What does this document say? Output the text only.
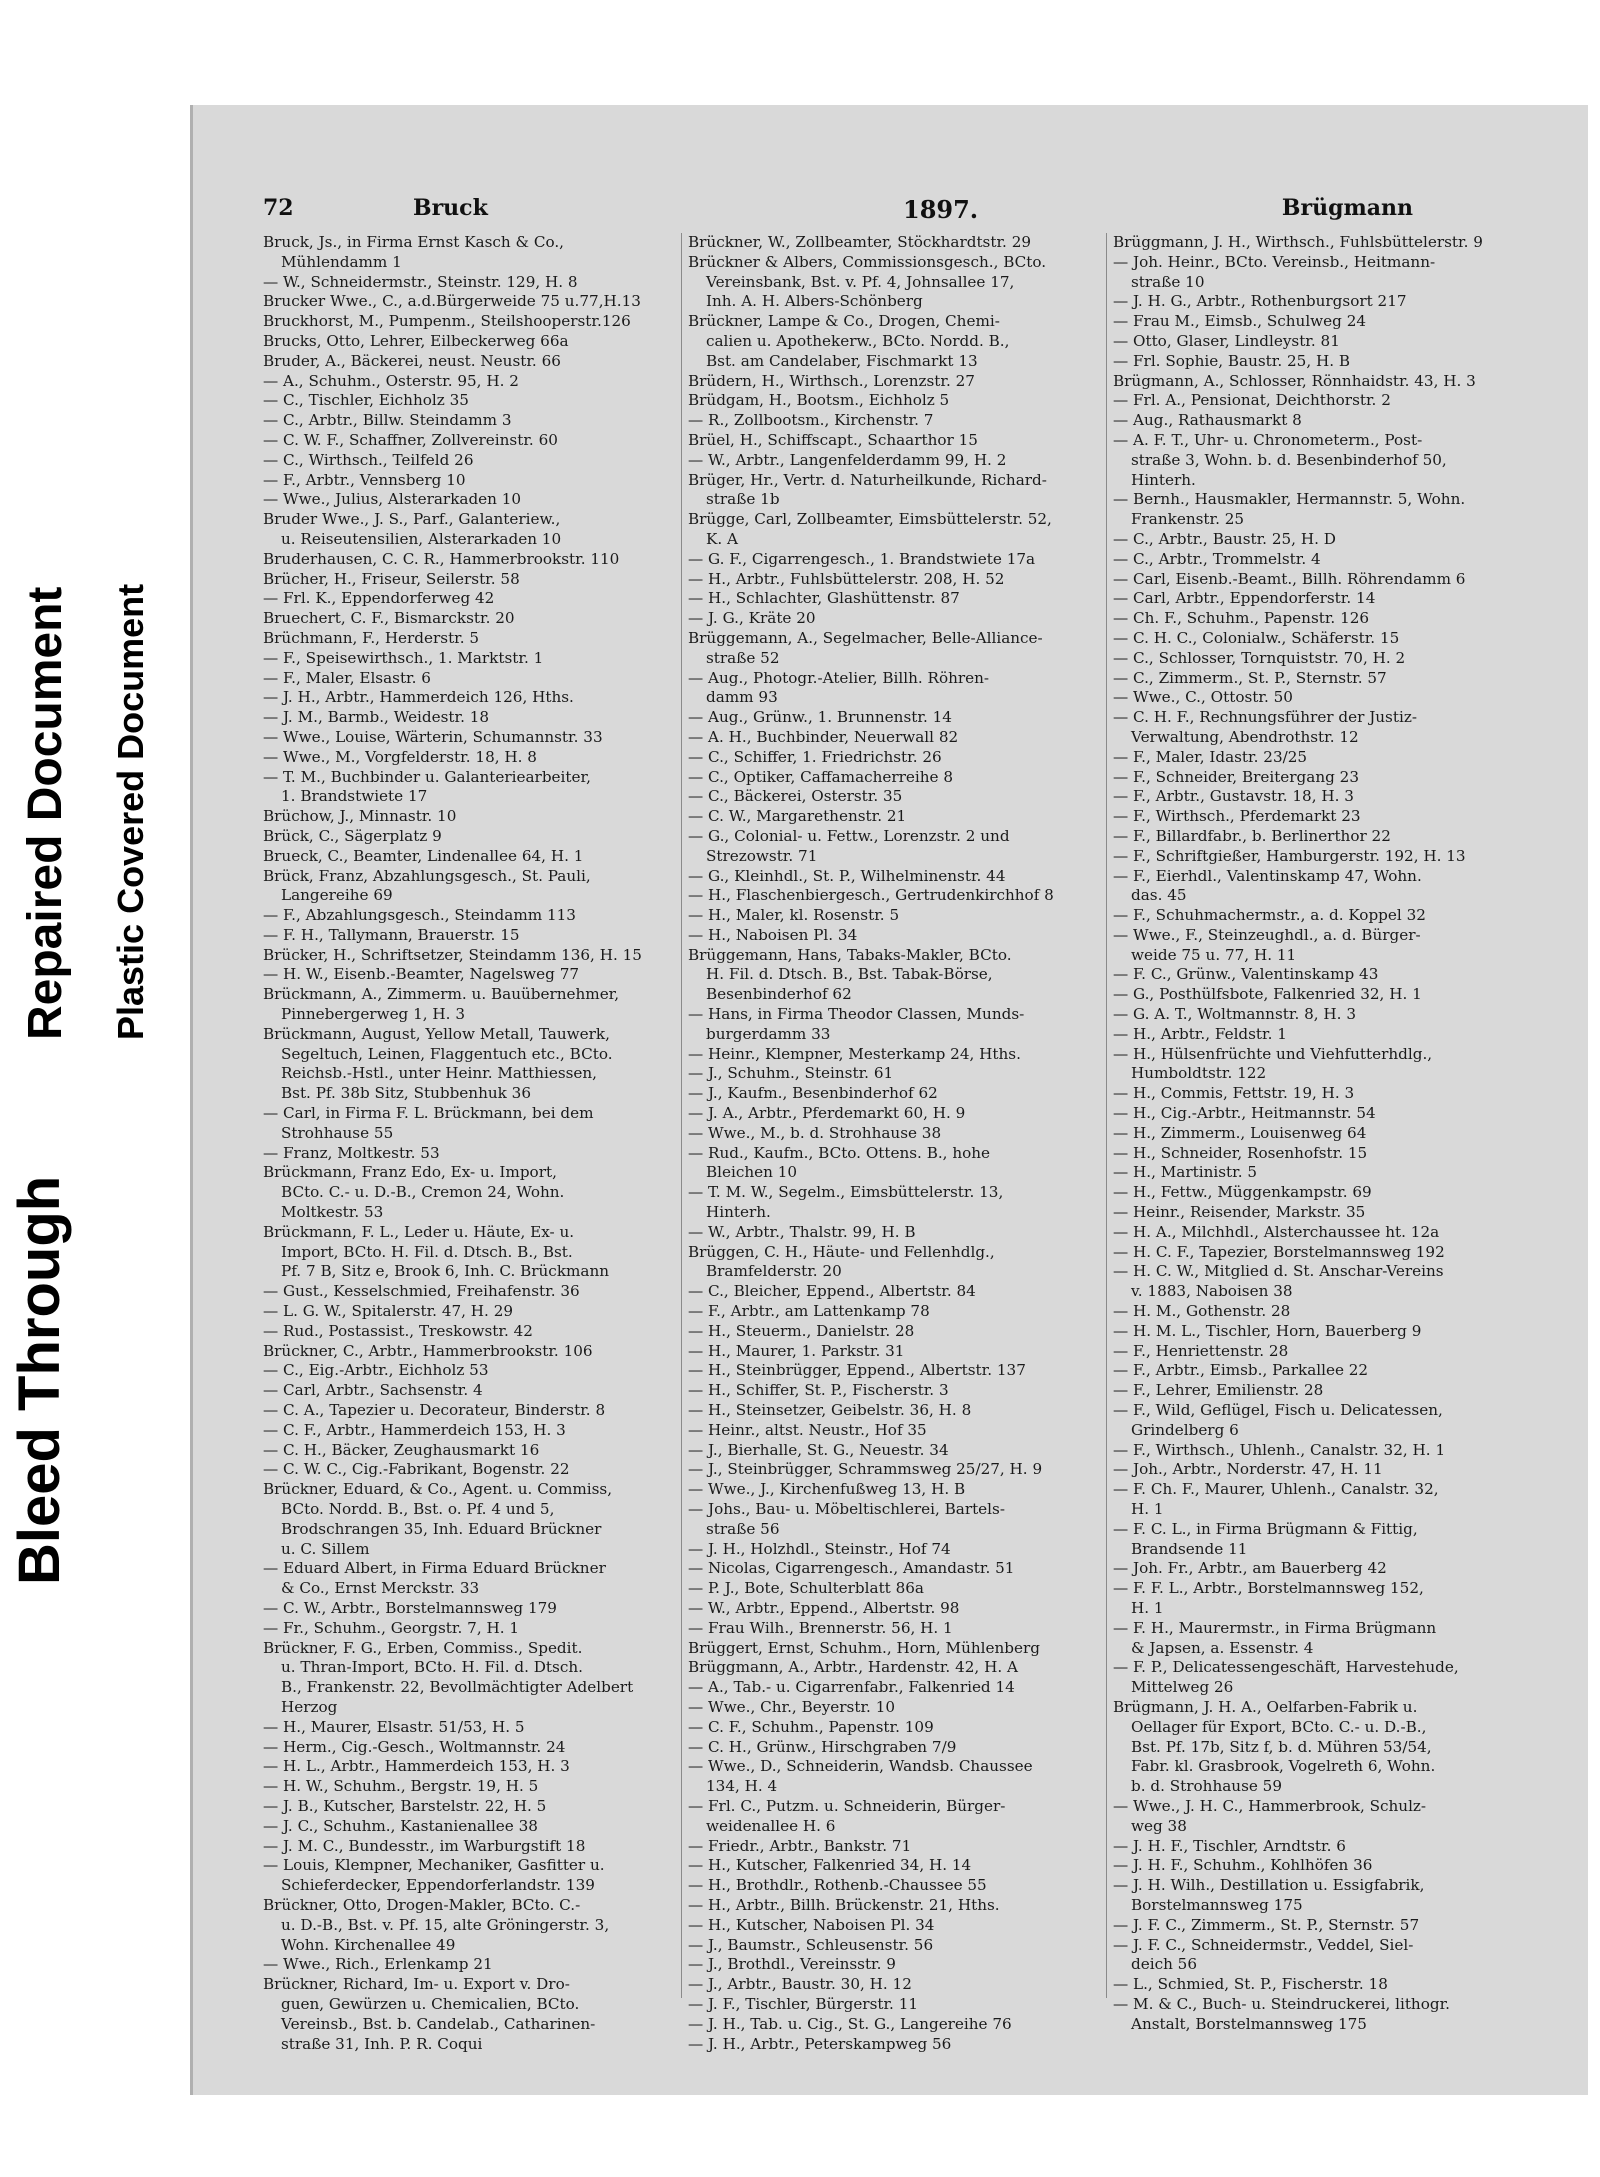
Bleed Through
Repaired Document Plastic Covered Document
72	Bruck	1897.	Brügmann
Bruck, Js., in Firma Ernst Kasch & Co.,
Mühlendamm 1
— W., Schneidermstr., Steinstr. 129, H. 8
Brucker Wwe., C., a.d.Bürgerweide 75 u.77,H.13
Bruckhorst, M., Pumpenm., Steilshooperstr.126
Brucks, Otto, Lehrer, Eilbeckerweg 66a
Bruder, A., Bäckerei, neust. Neustr. 66
— A., Schuhm., Osterstr. 95, H. 2
— C., Tischler, Eichholz 35
— C., Arbtr., Billw. Steindamm 3
— C. W. F., Schaffner, Zollvereinstr. 60
— C., Wirthsch., Teilfeld 26
— F., Arbtr., Vennsberg 10
— Wwe., Julius, Alsterarkaden 10
Bruder Wwe., J. S., Parf., Galanteriew.,
u. Reiseutensilien, Alsterarkaden 10
Bruderhausen, C. C. R., Hammerbrookstr. 110
Brücher, H., Friseur, Seilerstr. 58
— Frl. K., Eppendorferweg 42
Bruechert, C. F., Bismarckstr. 20
Brüchmann, F., Herderstr. 5
— F., Speisewirthsch., 1. Marktstr. 1
— F., Maler, Elsastr. 6
— J. H., Arbtr., Hammerdeich 126, Hths.
— J. M., Barmb., Weidestr. 18
— Wwe., Louise, Wärterin, Schumannstr. 33
— Wwe., M., Vorgfelderstr. 18, H. 8
— T. M., Buchbinder u. Galanteriearbeiter,
1. Brandstwiete 17
Brüchow, J., Minnastr. 10
Brück, C., Sägerplatz 9
Brueck, C., Beamter, Lindenallee 64, H. 1
Brück, Franz, Abzahlungsgesch., St. Pauli,
Langereihe 69
— F., Abzahlungsgesch., Steindamm 113
— F. H., Tallymann, Brauerstr. 15
Brücker, H., Schriftsetzer, Steindamm 136, H. 15
— H. W., Eisenb.-Beamter, Nagelsweg 77
Brückmann, A., Zimmerm. u. Bauübernehmer,
Pinnebergerweg 1, H. 3
Brückmann, August, Yellow Metall, Tauwerk,
Segeltuch, Leinen, Flaggentuch etc., BCto.
Reichsb.-Hstl., unter Heinr. Matthiessen,
Bst. Pf. 38b Sitz, Stubbenhuk 36
— Carl, in Firma F. L. Brückmann, bei dem
Strohhause 55
— Franz, Moltkestr. 53
Brückmann, Franz Edo, Ex- u. Import,
BCto. C.- u. D.-B., Cremon 24, Wohn.
Moltkestr. 53
Brückmann, F. L., Leder u. Häute, Ex- u.
Import, BCto. H. Fil. d. Dtsch. B., Bst.
Pf. 7 B, Sitz e, Brook 6, Inh. C. Brückmann
— Gust., Kesselschmied, Freihafenstr. 36
— L. G. W., Spitalerstr. 47, H. 29
— Rud., Postassist., Treskowstr. 42
Brückner, C., Arbtr., Hammerbrookstr. 106
— C., Eig.-Arbtr., Eichholz 53
— Carl, Arbtr., Sachsenstr. 4
— C. A., Tapezier u. Decorateur, Binderstr. 8
— C. F., Arbtr., Hammerdeich 153, H. 3
— C. H., Bäcker, Zeughausmarkt 16
— C. W. C., Cig.-Fabrikant, Bogenstr. 22
Brückner, Eduard, & Co., Agent. u. Commiss,
BCto. Nordd. B., Bst. o. Pf. 4 und 5,
Brodschrangen 35, Inh. Eduard Brückner
u. C. Sillem
— Eduard Albert, in Firma Eduard Brückner
& Co., Ernst Merckstr. 33
— C. W., Arbtr., Borstelmannsweg 179
— Fr., Schuhm., Georgstr. 7, H. 1
Brückner, F. G., Erben, Commiss., Spedit.
u. Thran-Import, BCto. H. Fil. d. Dtsch.
B., Frankenstr. 22, Bevollmächtigter Adelbert
Herzog
— H., Maurer, Elsastr. 51/53, H. 5
— Herm., Cig.-Gesch., Woltmannstr. 24
— H. L., Arbtr., Hammerdeich 153, H. 3
— H. W., Schuhm., Bergstr. 19, H. 5
— J. B., Kutscher, Barstelstr. 22, H. 5
— J. C., Schuhm., Kastanienallee 38
— J. M. C., Bundesstr., im Warburgstift 18
— Louis, Klempner, Mechaniker, Gasfitter u.
Schieferdecker, Eppendorferlandstr. 139
Brückner, Otto, Drogen-Makler, BCto. C.-
u. D.-B., Bst. v. Pf. 15, alte Gröningerstr. 3,
Wohn. Kirchenallee 49
— Wwe., Rich., Erlenkamp 21
Brückner, Richard, Im- u. Export v. Dro-
guen, Gewürzen u. Chemicalien, BCto.
Vereinsb., Bst. b. Candelab., Catharinen-
straße 31, Inh. P. R. Coqui
Brückner, W., Zollbeamter, Stöckhardtstr. 29
Brückner & Albers, Commissionsgesch., BCto.
Vereinsbank, Bst. v. Pf. 4, Johnsallee 17,
Inh. A. H. Albers-Schönberg
Brückner, Lampe & Co., Drogen, Chemi-
calien u. Apothekerw., BCto. Nordd. B.,
Bst. am Candelaber, Fischmarkt 13
Brüdern, H., Wirthsch., Lorenzstr. 27
Brüdgam, H., Bootsm., Eichholz 5
— R., Zollbootsm., Kirchenstr. 7
Brüel, H., Schiffscapt., Schaarthor 15
— W., Arbtr., Langenfelderdamm 99, H. 2
Brüger, Hr., Vertr. d. Naturheilkunde, Richard-
straße 1b
Brügge, Carl, Zollbeamter, Eimsbüttelerstr. 52,
K. A
— G. F., Cigarrengesch., 1. Brandstwiete 17a
— H., Arbtr., Fuhlsbüttelerstr. 208, H. 52
— H., Schlachter, Glashüttenstr. 87
— J. G., Kräte 20
Brüggemann, A., Segelmacher, Belle-Alliance-
straße 52
— Aug., Photogr.-Atelier, Billh. Röhren-
damm 93
— Aug., Grünw., 1. Brunnenstr. 14
— A. H., Buchbinder, Neuerwall 82
— C., Schiffer, 1. Friedrichstr. 26
— C., Optiker, Caffamacherreihe 8
— C., Bäckerei, Osterstr. 35
— C. W., Margarethenstr. 21
— G., Colonial- u. Fettw., Lorenzstr. 2 und
Strezowstr. 71
— G., Kleinhdl., St. P., Wilhelminenstr. 44
— H., Flaschenbiergesch., Gertrudenkirchhof 8
— H., Maler, kl. Rosenstr. 5
— H., Naboisen Pl. 34
Brüggemann, Hans, Tabaks-Makler, BCto.
H. Fil. d. Dtsch. B., Bst. Tabak-Börse,
Besenbinderhof 62
— Hans, in Firma Theodor Classen, Munds-
burgerdamm 33
— Heinr., Klempner, Mesterkamp 24, Hths.
— J., Schuhm., Steinstr. 61
— J., Kaufm., Besenbinderhof 62
— J. A., Arbtr., Pferdemarkt 60, H. 9
— Wwe., M., b. d. Strohhause 38
— Rud., Kaufm., BCto. Ottens. B., hohe
Bleichen 10
— T. M. W., Segelm., Eimsbüttelerstr. 13,
Hinterh.
— W., Arbtr., Thalstr. 99, H. B
Brüggen, C. H., Häute- und Fellenhdlg.,
Bramfelderstr. 20
— C., Bleicher, Eppend., Albertstr. 84
— F., Arbtr., am Lattenkamp 78
— H., Steuerm., Danielstr. 28
— H., Maurer, 1. Parkstr. 31
— H., Steinbrügger, Eppend., Albertstr. 137
— H., Schiffer, St. P., Fischerstr. 3
— H., Steinsetzer, Geibelstr. 36, H. 8
— Heinr., altst. Neustr., Hof 35
— J., Bierhalle, St. G., Neuestr. 34
— J., Steinbrügger, Schrammsweg 25/27, H. 9
— Wwe., J., Kirchenfußweg 13, H. B
— Johs., Bau- u. Möbeltischlerei, Bartels-
straße 56
— J. H., Holzhdl., Steinstr., Hof 74
— Nicolas, Cigarrengesch., Amandastr. 51
— P. J., Bote, Schulterblatt 86a
— W., Arbtr., Eppend., Albertstr. 98
— Frau Wilh., Brennerstr. 56, H. 1
Brüggert, Ernst, Schuhm., Horn, Mühlenberg
Brüggmann, A., Arbtr., Hardenstr. 42, H. A
— A., Tab.- u. Cigarrenfabr., Falkenried 14
— Wwe., Chr., Beyerstr. 10
— C. F., Schuhm., Papenstr. 109
— C. H., Grünw., Hirschgraben 7/9
— Wwe., D., Schneiderin, Wandsb. Chaussee
134, H. 4
— Frl. C., Putzm. u. Schneiderin, Bürger-
weidenallee H. 6
— Friedr., Arbtr., Bankstr. 71
— H., Kutscher, Falkenried 34, H. 14
— H., Brothdlr., Rothenb.-Chaussee 55
— H., Arbtr., Billh. Brückenstr. 21, Hths.
— H., Kutscher, Naboisen Pl. 34
— J., Baumstr., Schleusenstr. 56
— J., Brothdl., Vereinsstr. 9
— J., Arbtr., Baustr. 30, H. 12
— J. F., Tischler, Bürgerstr. 11
— J. H., Tab. u. Cig., St. G., Langereihe 76
— J. H., Arbtr., Peterskampweg 56
Brüggmann, J. H., Wirthsch., Fuhlsbüttelerstr. 9
— Joh. Heinr., BCto. Vereinsb., Heitmann-
straße 10
— J. H. G., Arbtr., Rothenburgsort 217
— Frau M., Eimsb., Schulweg 24
— Otto, Glaser, Lindleystr. 81
— Frl. Sophie, Baustr. 25, H. B
Brügmann, A., Schlosser, Rönnhaidstr. 43, H. 3
— Frl. A., Pensionat, Deichthorstr. 2
— Aug., Rathausmarkt 8
— A. F. T., Uhr- u. Chronometerm., Post-
straße 3, Wohn. b. d. Besenbinderhof 50,
Hinterh.
— Bernh., Hausmakler, Hermannstr. 5, Wohn.
Frankenstr. 25
— C., Arbtr., Baustr. 25, H. D
— C., Arbtr., Trommelstr. 4
— Carl, Eisenb.-Beamt., Billh. Röhrendamm 6
— Carl, Arbtr., Eppendorferstr. 14
— Ch. F., Schuhm., Papenstr. 126
— C. H. C., Colonialw., Schäferstr. 15
— C., Schlosser, Tornquiststr. 70, H. 2
— C., Zimmerm., St. P., Sternstr. 57
— Wwe., C., Ottostr. 50
— C. H. F., Rechnungsführer der Justiz-
Verwaltung, Abendrothstr. 12
— F., Maler, Idastr. 23/25
— F., Schneider, Breitergang 23
— F., Arbtr., Gustavstr. 18, H. 3
— F., Wirthsch., Pferdemarkt 23
— F., Billardfabr., b. Berlinerthor 22
— F., Schriftgießer, Hamburgerstr. 192, H. 13
— F., Eierhdl., Valentinskamp 47, Wohn.
das. 45
— F., Schuhmachermstr., a. d. Koppel 32
— Wwe., F., Steinzeughdl., a. d. Bürger-
weide 75 u. 77, H. 11
— F. C., Grünw., Valentinskamp 43
— G., Posthülfsbote, Falkenried 32, H. 1
— G. A. T., Woltmannstr. 8, H. 3
— H., Arbtr., Feldstr. 1
— H., Hülsenfrüchte und Viehfutterhdlg.,
Humboldtstr. 122
— H., Commis, Fettstr. 19, H. 3
— H., Cig.-Arbtr., Heitmannstr. 54
— H., Zimmerm., Louisenweg 64
— H., Schneider, Rosenhofstr. 15
— H., Martinistr. 5
— H., Fettw., Müggenkampstr. 69
— Heinr., Reisender, Markstr. 35
— H. A., Milchhdl., Alsterchaussee ht. 12a
— H. C. F., Tapezier, Borstelmannsweg 192
— H. C. W., Mitglied d. St. Anschar-Vereins
v. 1883, Naboisen 38
— H. M., Gothenstr. 28
— H. M. L., Tischler, Horn, Bauerberg 9
— F., Henriettenstr. 28
— F., Arbtr., Eimsb., Parkallee 22
— F., Lehrer, Emilienstr. 28
— F., Wild, Geflügel, Fisch u. Delicatessen,
Grindelberg 6
— F., Wirthsch., Uhlenh., Canalstr. 32, H. 1
— Joh., Arbtr., Norderstr. 47, H. 11
— F. Ch. F., Maurer, Uhlenh., Canalstr. 32,
H. 1
— F. C. L., in Firma Brügmann & Fittig,
Brandsende 11
— Joh. Fr., Arbtr., am Bauerberg 42
— F. F. L., Arbtr., Borstelmannsweg 152,
H. 1
— F. H., Maurermstr., in Firma Brügmann
& Japsen, a. Essenstr. 4
— F. P., Delicatessengeschäft, Harvestehude,
Mittelweg 26
Brügmann, J. H. A., Oelfarben-Fabrik u.
Oellager für Export, BCto. C.- u. D.-B.,
Bst. Pf. 17b, Sitz f, b. d. Mühren 53/54,
Fabr. kl. Grasbrook, Vogelreth 6, Wohn.
b. d. Strohhause 59
— Wwe., J. H. C., Hammerbrook, Schulz-
weg 38
— J. H. F., Tischler, Arndtstr. 6
— J. H. F., Schuhm., Kohlhöfen 36
— J. H. Wilh., Destillation u. Essigfabrik,
Borstelmannsweg 175
— J. F. C., Zimmerm., St. P., Sternstr. 57
— J. F. C., Schneidermstr., Veddel, Siel-
deich 56
— L., Schmied, St. P., Fischerstr. 18
— M. & C., Buch- u. Steindruckerei, lithogr.
Anstalt, Borstelmannsweg 175
